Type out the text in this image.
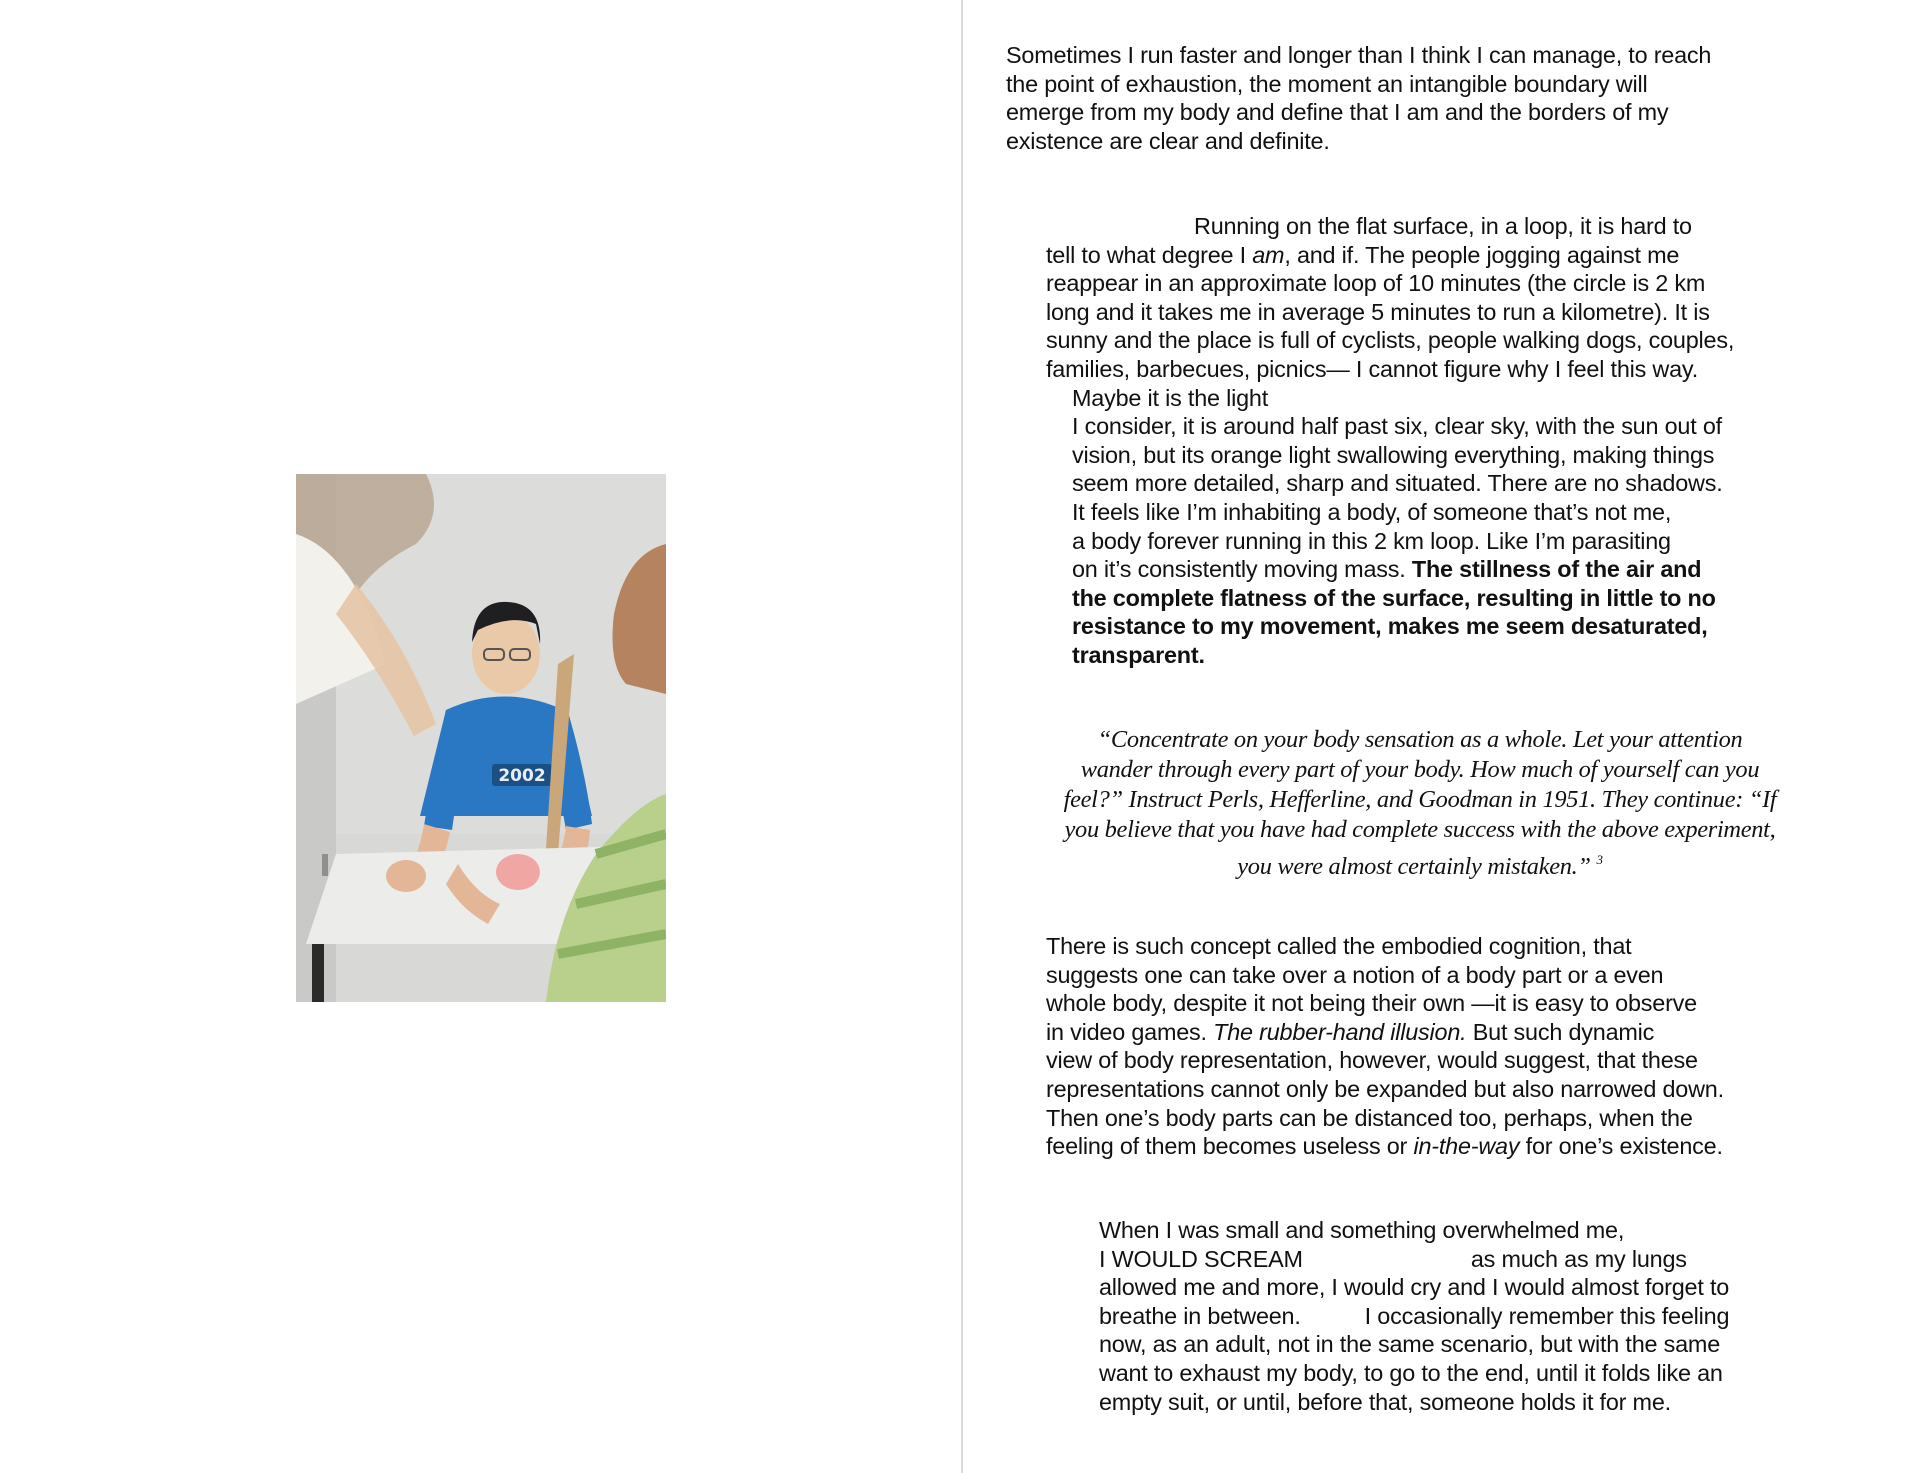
2002
Sometimes I run faster and longer than I think I can manage, to reach
the point of exhaustion, the moment an intangible boundary will
emerge from my body and define that I am and the borders of my
existence are clear and definite.
Running on the flat surface, in a loop, it is hard to
tell to what degree I am, and if. The people jogging against me
reappear in an approximate loop of 10 minutes (the circle is 2 km
long and it takes me in average 5 minutes to run a kilometre). It is
sunny and the place is full of cyclists, people walking dogs, couples,
families, barbecues, picnics— I cannot figure why I feel this way.
Maybe it is the light
I consider, it is around half past six, clear sky, with the sun out of
vision, but its orange light swallowing everything, making things
seem more detailed, sharp and situated. There are no shadows.
It feels like I’m inhabiting a body, of someone that’s not me,
a body forever running in this 2 km loop. Like I’m parasiting
on it’s consistently moving mass. The stillness of the air and
the complete flatness of the surface, resulting in little to no
resistance to my movement, makes me seem desaturated,
transparent.
“Concentrate on your body sensation as a whole. Let your attention
wander through every part of your body. How much of yourself can you
feel?” Instruct Perls, Hefferline, and Goodman in 1951. They continue: “If
you believe that you have had complete success with the above experiment,
you were almost certainly mistaken.” $^3$
There is such concept called the embodied cognition, that
suggests one can take over a notion of a body part or a even
whole body, despite it not being their own —it is easy to observe
in video games. The rubber-hand illusion. But such dynamic
view of body representation, however, would suggest, that these
representations cannot only be expanded but also narrowed down.
Then one’s body parts can be distanced too, perhaps, when the
feeling of them becomes useless or in-the-way for one’s existence.
When I was small and something overwhelmed me,
I WOULD SCREAM	as much as my lungs
allowed me and more, I would cry and I would almost forget to
breathe in between.	I occasionally remember this feeling
now, as an adult, not in the same scenario, but with the same
want to exhaust my body, to go to the end, until it folds like an
empty suit, or until, before that, someone holds it for me.
